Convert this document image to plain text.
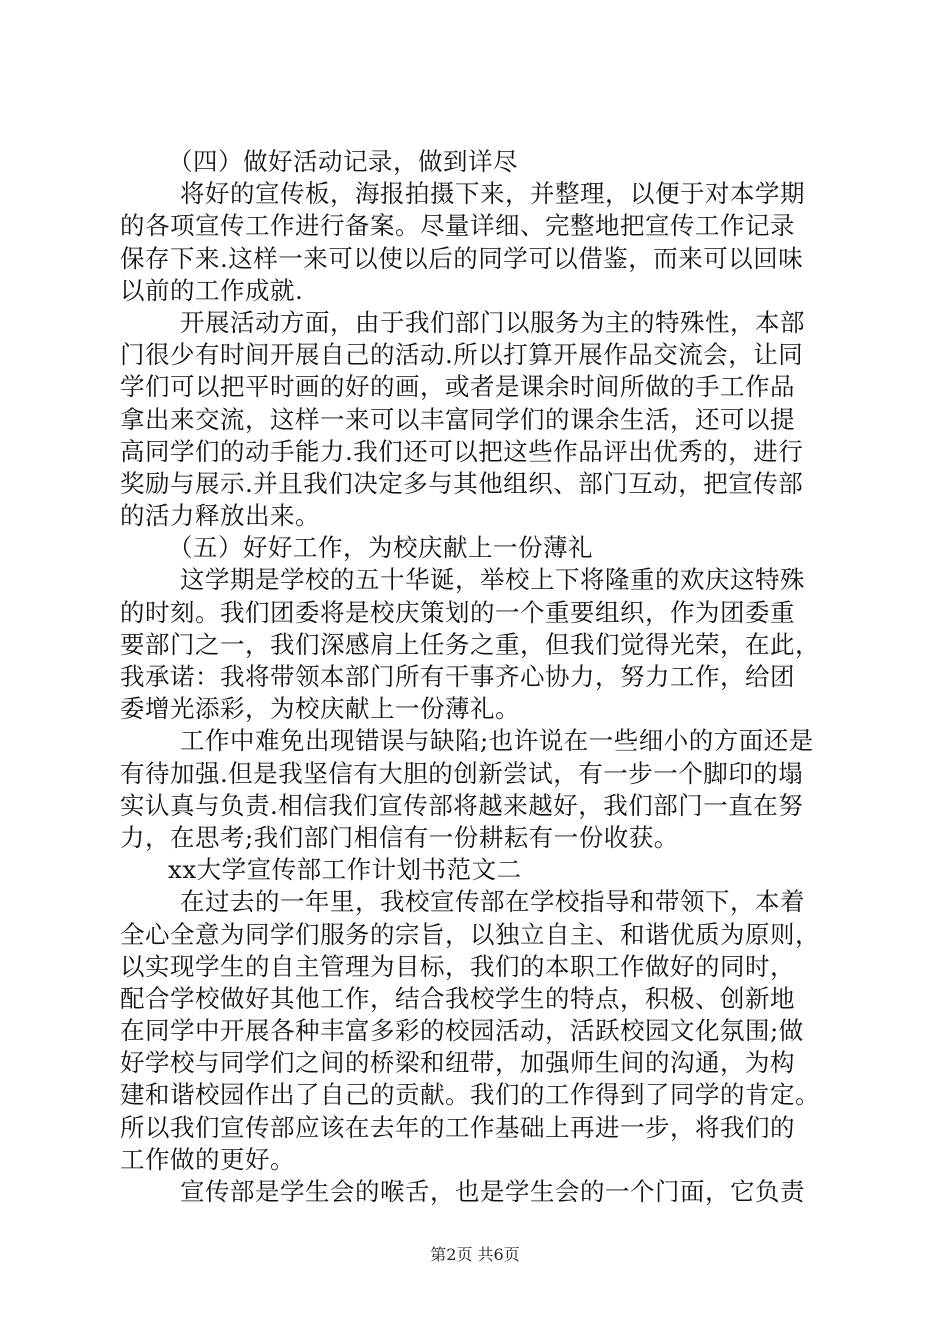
（四）做好活动记录，做到详尽
将好的宣传板，海报拍摄下来，并整理，以便于对本学期
的各项宣传工作进行备案。尽量详细、完整地把宣传工作记录
保存下来.这样一来可以使以后的同学可以借鉴，而来可以回味
以前的工作成就.
开展活动方面，由于我们部门以服务为主的特殊性，本部
门很少有时间开展自己的活动.所以打算开展作品交流会，让同
学们可以把平时画的好的画，或者是课余时间所做的手工作品
拿出来交流，这样一来可以丰富同学们的课余生活，还可以提
高同学们的动手能力.我们还可以把这些作品评出优秀的，进行
奖励与展示.并且我们决定多与其他组织、部门互动，把宣传部
的活力释放出来。
（五）好好工作，为校庆献上一份薄礼
这学期是学校的五十华诞，举校上下将隆重的欢庆这特殊
的时刻。我们团委将是校庆策划的一个重要组织，作为团委重
要部门之一，我们深感肩上任务之重，但我们觉得光荣，在此，
我承诺：我将带领本部门所有干事齐心协力，努力工作，给团
委增光添彩，为校庆献上一份薄礼。
工作中难免出现错误与缺陷;也许说在一些细小的方面还是
有待加强.但是我坚信有大胆的创新尝试，有一步一个脚印的塌
实认真与负责.相信我们宣传部将越来越好，我们部门一直在努
力，在思考;我们部门相信有一份耕耘有一份收获。
xx大学宣传部工作计划书范文二
在过去的一年里，我校宣传部在学校指导和带领下，本着
全心全意为同学们服务的宗旨，以独立自主、和谐优质为原则，
以实现学生的自主管理为目标，我们的本职工作做好的同时，
配合学校做好其他工作，结合我校学生的特点，积极、创新地
在同学中开展各种丰富多彩的校园活动，活跃校园文化氛围;做
好学校与同学们之间的桥梁和纽带，加强师生间的沟通，为构
建和谐校园作出了自己的贡献。我们的工作得到了同学的肯定。
所以我们宣传部应该在去年的工作基础上再进一步，将我们的
工作做的更好。
宣传部是学生会的喉舌，也是学生会的一个门面，它负责
第2页 共6页
